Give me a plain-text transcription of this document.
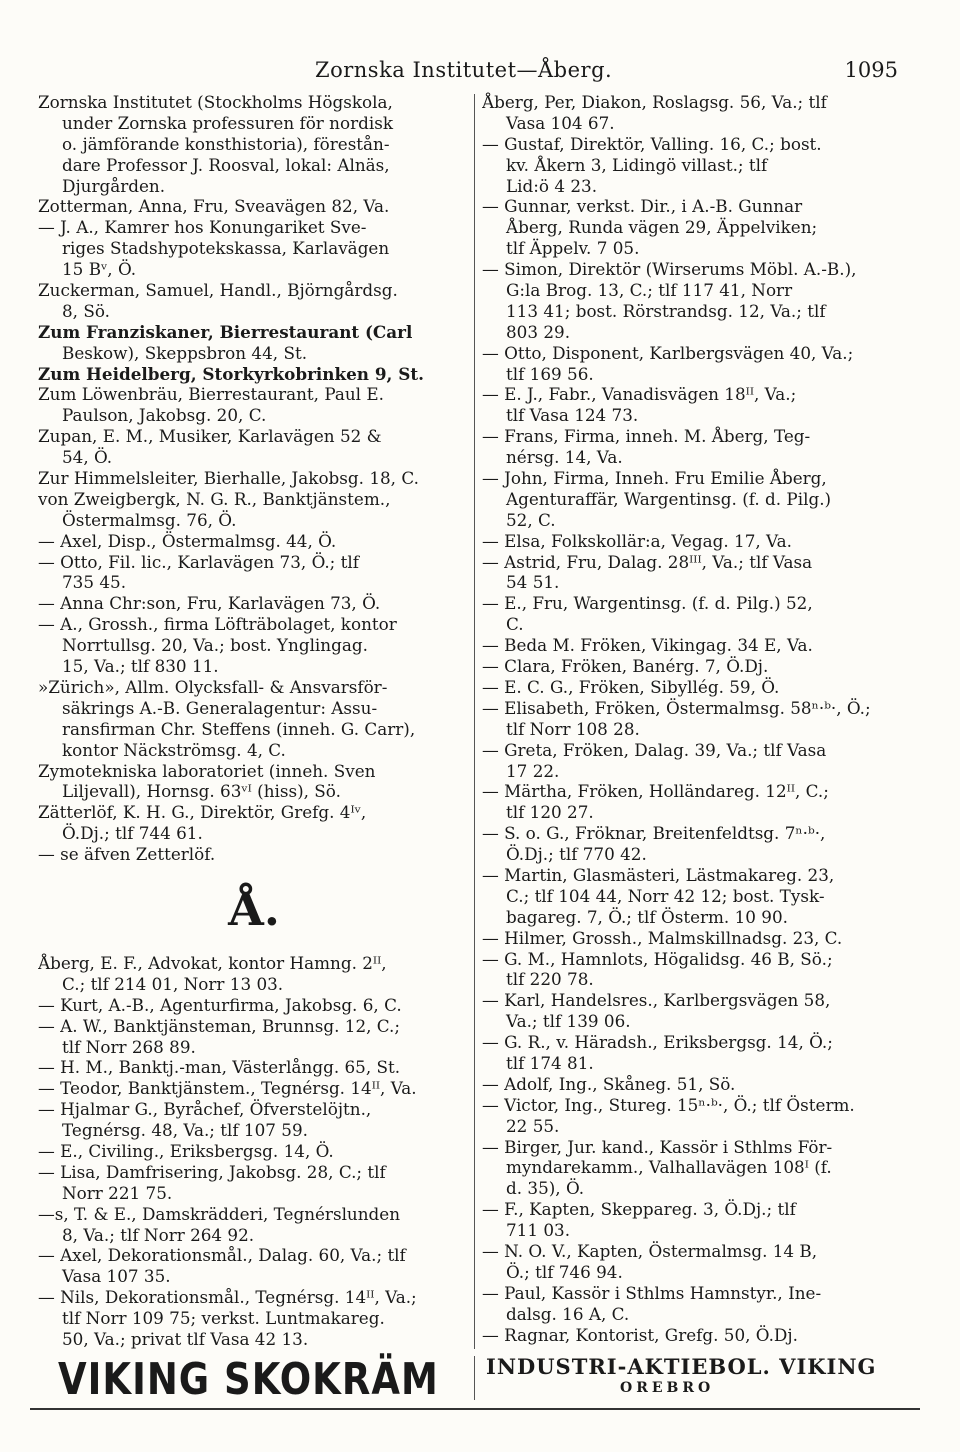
Zornska Institutet—Åberg.	1095
Zornska Institutet (Stockholms Högskola,
under Zornska professuren för nordisk
o. jämförande konsthistoria), förestån-
dare Professor J. Roosval, lokal: Alnäs,
Djurgården.
Zotterman, Anna, Fru, Sveavägen 82, Va.
— J. A., Kamrer hos Konungariket Sve-
riges Stadshypotekskassa, Karlavägen
15 Bᵛ, Ö.
Zuckerman, Samuel, Handl., Björngårdsg.
8, Sö.
Zum Franziskaner, Bierrestaurant (Carl
Beskow), Skeppsbron 44, St.
Zum Heidelberg, Storkyrkobrinken 9, St.
Zum Löwenbräu, Bierrestaurant, Paul E.
Paulson, Jakobsg. 20, C.
Zupan, E. M., Musiker, Karlavägen 52 &
54, Ö.
Zur Himmelsleiter, Bierhalle, Jakobsg. 18, C.
von Zweigbergk, N. G. R., Banktjänstem.,
Östermalmsg. 76, Ö.
— Axel, Disp., Östermalmsg. 44, Ö.
— Otto, Fil. lic., Karlavägen 73, Ö.; tlf
735 45.
— Anna Chr:son, Fru, Karlavägen 73, Ö.
— A., Grossh., firma Löfträbolaget, kontor
Norrtullsg. 20, Va.; bost. Ynglingag.
15, Va.; tlf 830 11.
»Zürich», Allm. Olycksfall- & Ansvarsför-
säkrings A.-B. Generalagentur: Assu-
ransfirman Chr. Steffens (inneh. G. Carr),
kontor Näckströmsg. 4, C.
Zymotekniska laboratoriet (inneh. Sven
Liljevall), Hornsg. 63ᵛᴵ (hiss), Sö.
Zätterlöf, K. H. G., Direktör, Grefg. 4ᴵᵛ,
Ö.Dj.; tlf 744 61.
— se äfven Zetterlöf.
Å.
Åberg, E. F., Advokat, kontor Hamng. 2ᴵᴵ,
C.; tlf 214 01, Norr 13 03.
— Kurt, A.-B., Agenturfirma, Jakobsg. 6, C.
— A. W., Banktjänsteman, Brunnsg. 12, C.;
tlf Norr 268 89.
— H. M., Banktj.-man, Västerlångg. 65, St.
— Teodor, Banktjänstem., Tegnérsg. 14ᴵᴵ, Va.
— Hjalmar G., Byråchef, Öfverstelöjtn.,
Tegnérsg. 48, Va.; tlf 107 59.
— E., Civiling., Eriksbergsg. 14, Ö.
— Lisa, Damfrisering, Jakobsg. 28, C.; tlf
Norr 221 75.
—s, T. & E., Damskrädderi, Tegnérslunden
8, Va.; tlf Norr 264 92.
— Axel, Dekorationsmål., Dalag. 60, Va.; tlf
Vasa 107 35.
— Nils, Dekorationsmål., Tegnérsg. 14ᴵᴵ, Va.;
tlf Norr 109 75; verkst. Luntmakareg.
50, Va.; privat tlf Vasa 42 13.
Åberg, Per, Diakon, Roslagsg. 56, Va.; tlf
Vasa 104 67.
— Gustaf, Direktör, Valling. 16, C.; bost.
kv. Åkern 3, Lidingö villast.; tlf
Lid:ö 4 23.
— Gunnar, verkst. Dir., i A.-B. Gunnar
Åberg, Runda vägen 29, Äppelviken;
tlf Äppelv. 7 05.
— Simon, Direktör (Wirserums Möbl. A.-B.),
G:la Brog. 13, C.; tlf 117 41, Norr
113 41; bost. Rörstrandsg. 12, Va.; tlf
803 29.
— Otto, Disponent, Karlbergsvägen 40, Va.;
tlf 169 56.
— E. J., Fabr., Vanadisvägen 18ᴵᴵ, Va.;
tlf Vasa 124 73.
— Frans, Firma, inneh. M. Åberg, Teg-
nérsg. 14, Va.
— John, Firma, Inneh. Fru Emilie Åberg,
Agenturaffär, Wargentinsg. (f. d. Pilg.)
52, C.
— Elsa, Folkskollär:a, Vegag. 17, Va.
— Astrid, Fru, Dalag. 28ᴵᴵᴵ, Va.; tlf Vasa
54 51.
— E., Fru, Wargentinsg. (f. d. Pilg.) 52,
C.
— Beda M. Fröken, Vikingag. 34 E, Va.
— Clara, Fröken, Banérg. 7, Ö.Dj.
— E. C. G., Fröken, Sibyllég. 59, Ö.
— Elisabeth, Fröken, Östermalmsg. 58ⁿ·ᵇ·, Ö.;
tlf Norr 108 28.
— Greta, Fröken, Dalag. 39, Va.; tlf Vasa
17 22.
— Märtha, Fröken, Holländareg. 12ᴵᴵ, C.;
tlf 120 27.
— S. o. G., Fröknar, Breitenfeldtsg. 7ⁿ·ᵇ·,
Ö.Dj.; tlf 770 42.
— Martin, Glasmästeri, Lästmakareg. 23,
C.; tlf 104 44, Norr 42 12; bost. Tysk-
bagareg. 7, Ö.; tlf Österm. 10 90.
— Hilmer, Grossh., Malmskillnadsg. 23, C.
— G. M., Hamnlots, Högalidsg. 46 B, Sö.;
tlf 220 78.
— Karl, Handelsres., Karlbergsvägen 58,
Va.; tlf 139 06.
— G. R., v. Häradsh., Eriksbergsg. 14, Ö.;
tlf 174 81.
— Adolf, Ing., Skåneg. 51, Sö.
— Victor, Ing., Stureg. 15ⁿ·ᵇ·, Ö.; tlf Österm.
22 55.
— Birger, Jur. kand., Kassör i Sthlms För-
myndarekamm., Valhallavägen 108ᴵ (f.
d. 35), Ö.
— F., Kapten, Skeppareg. 3, Ö.Dj.; tlf
711 03.
— N. O. V., Kapten, Östermalmsg. 14 B,
Ö.; tlf 746 94.
— Paul, Kassör i Sthlms Hamnstyr., Ine-
dalsg. 16 A, C.
— Ragnar, Kontorist, Grefg. 50, Ö.Dj.
VIKING SKOKRÄM INDUSTRI-AKTIEBOL. VIKING
OREBRO
